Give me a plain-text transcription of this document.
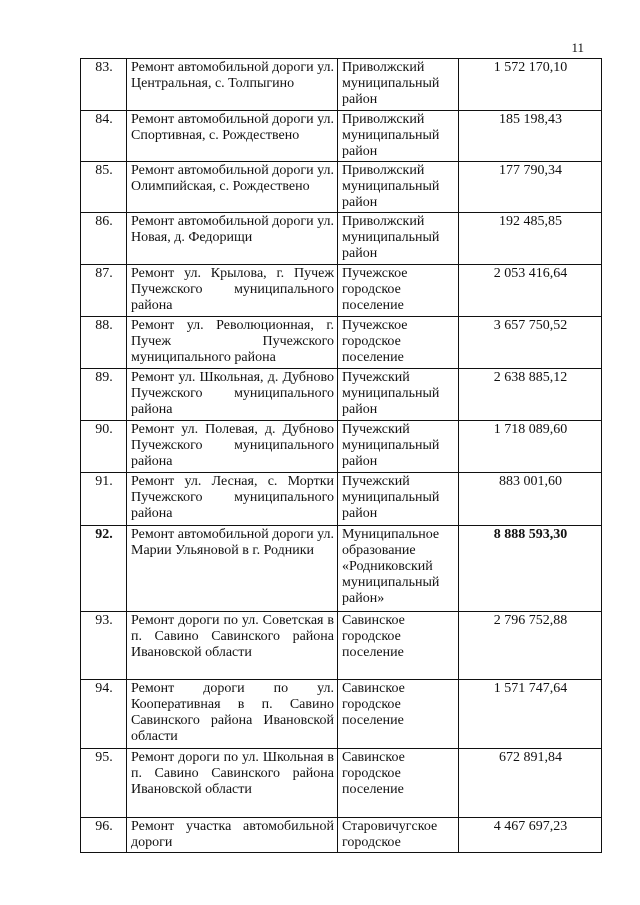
11
83.	Ремонт автомобильной дороги ул. Центральная, с. Толпыгино	Приволжский муниципальный район	1 572 170,10
84.	Ремонт автомобильной дороги ул. Спортивная, с. Рождествено	Приволжский муниципальный район	185 198,43
85.	Ремонт автомобильной дороги ул. Олимпийская, с. Рождествено	Приволжский муниципальный район	177 790,34
86.	Ремонт автомобильной дороги ул. Новая, д. Федорищи	Приволжский муниципальный район	192 485,85
87.	Ремонт ул. Крылова, г. Пучеж Пучежского муниципального района	Пучежское городское поселение	2 053 416,64
88.	Ремонт ул. Революционная, г. Пучеж Пучежского муниципального района	Пучежское городское поселение	3 657 750,52
89.	Ремонт ул. Школьная, д. Дубново Пучежского муниципального района	Пучежский муниципальный район	2 638 885,12
90.	Ремонт ул. Полевая, д. Дубново Пучежского муниципального района	Пучежский муниципальный район	1 718 089,60
91.	Ремонт ул. Лесная, с. Мортки Пучежского муниципального района	Пучежский муниципальный район	883 001,60
92.	Ремонт автомобильной дороги ул. Марии Ульяновой в г. Родники	Муниципальное образование «Родниковский муниципальный район»	8 888 593,30
93.	Ремонт дороги по ул. Советская в п. Савино Савинского района Ивановской области	Савинское городское поселение	2 796 752,88
94.	Ремонт дороги по ул. Кооперативная в п. Савино Савинского района Ивановской области	Савинское городское поселение	1 571 747,64
95.	Ремонт дороги по ул. Школьная в п. Савино Савинского района Ивановской области	Савинское городское поселение	672 891,84
96.	Ремонт участка автомобильной дороги	Старовичугское городское	4 467 697,23
